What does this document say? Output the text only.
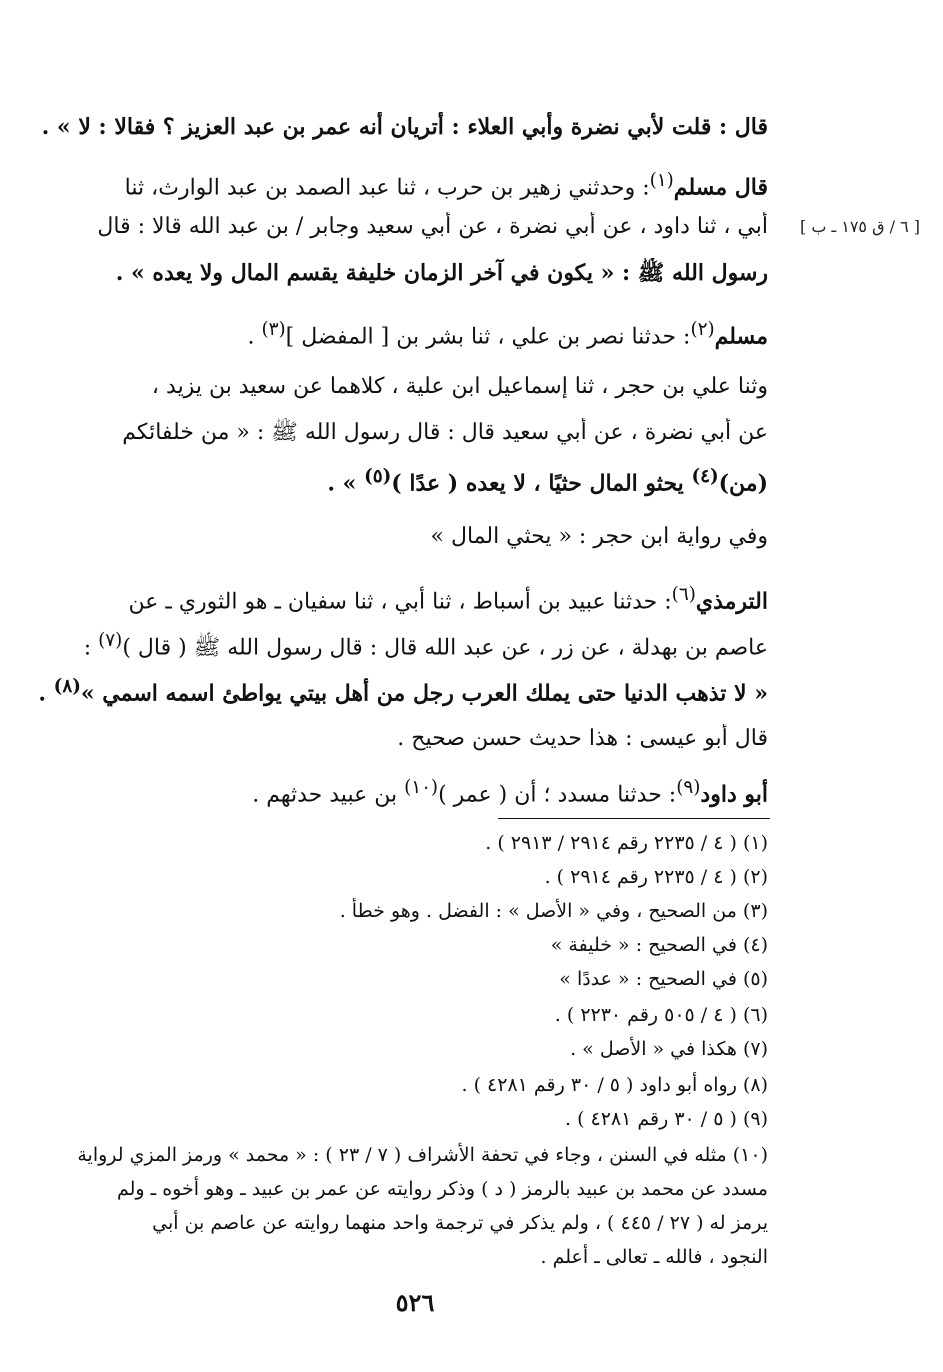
[ ٦ / ق ١٧٥ ـ ب ]
قال : قلت لأبي نضرة وأبي العلاء : أتريان أنه عمر بن عبد العزيز ؟ فقالا : لا » .
قال مسلم$^{(١)}$: وحدثني زهير بن حرب ، ثنا عبد الصمد بن عبد الوارث، ثنا
أبي ، ثنا داود ، عن أبي نضرة ، عن أبي سعيد وجابر / بن عبد الله قالا : قال
رسول الله ﷺ : « يكون في آخر الزمان خليفة يقسم المال ولا يعده » .
مسلم$^{(٢)}$: حدثنا نصر بن علي ، ثنا بشر بن [ المفضل ]$^{(٣)}$ .
وثنا علي بن حجر ، ثنا إسماعيل ابن علية ، كلاهما عن سعيد بن يزيد ،
عن أبي نضرة ، عن أبي سعيد قال : قال رسول الله ﷺ : « من خلفائكم
(من)$^{(٤)}$ يحثو المال حثيًا ، لا يعده ( عدًا )$^{(٥)}$ » .
وفي رواية ابن حجر : « يحثي المال »
الترمذي$^{(٦)}$: حدثنا عبيد بن أسباط ، ثنا أبي ، ثنا سفيان ـ هو الثوري ـ عن
عاصم بن بهدلة ، عن زر ، عن عبد الله قال : قال رسول الله ﷺ ( قال )$^{(٧)}$ :
« لا تذهب الدنيا حتى يملك العرب رجل من أهل بيتي يواطئ اسمه اسمي »$^{(٨)}$ .
قال أبو عيسى : هذا حديث حسن صحيح .
أبو داود$^{(٩)}$: حدثنا مسدد ؛ أن ( عمر )$^{(١٠)}$ بن عبيد حدثهم .
(١) ( ٤ / ٢٢٣٥ رقم ٢٩١٤ / ٢٩١٣ ) .
(٢) ( ٤ / ٢٢٣٥ رقم ٢٩١٤ ) .
(٣) من الصحيح ، وفي « الأصل » : الفضل . وهو خطأ .
(٤) في الصحيح : « خليفة »
(٥) في الصحيح : « عددًا »
(٦) ( ٤ / ٥٠٥ رقم ٢٢٣٠ ) .
(٧) هكذا في « الأصل » .
(٨) رواه أبو داود ( ٥ / ٣٠ رقم ٤٢٨١ ) .
(٩) ( ٥ / ٣٠ رقم ٤٢٨١ ) .
(١٠) مثله في السنن ، وجاء في تحفة الأشراف ( ٧ / ٢٣ ) : « محمد » ورمز المزي لرواية
مسدد عن محمد بن عبيد بالرمز ( د ) وذكر روايته عن عمر بن عبيد ـ وهو أخوه ـ ولم
يرمز له ( ٢٧ / ٤٤٥ ) ، ولم يذكر في ترجمة واحد منهما روايته عن عاصم بن أبي
النجود ، فالله ـ تعالى ـ أعلم .
٥٢٦
